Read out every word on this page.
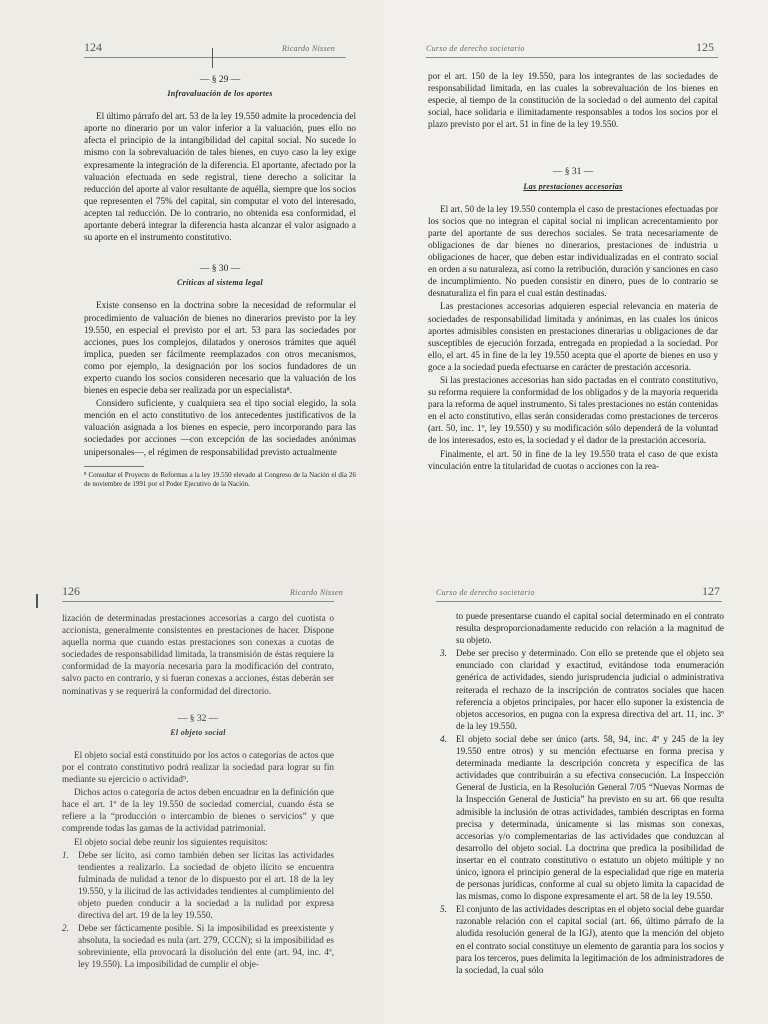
124	Ricardo Nissen
— § 29 —
Infravaluación de los aportes

El último párrafo del art. 53 de la ley 19.550 admite la procedencia del aporte no dinerario por un valor inferior a la valuación, pues ello no afecta el principio de la intangibilidad del capital social. No sucede lo mismo con la sobrevaluación de tales bienes, en cuyo caso la ley exige expresamente la integración de la diferencia. El aportante, afectado por la valuación efectuada en sede registral, tiene derecho a solicitar la reducción del aporte al valor resultante de aquélla, siempre que los socios que representen el 75% del capital, sin computar el voto del interesado, acepten tal reducción. De lo contrario, no obtenida esa conformidad, el aportante deberá integrar la diferencia hasta alcanzar el valor asignado a su aporte en el instrumento constitutivo.

— § 30 —
Críticas al sistema legal

Existe consenso en la doctrina sobre la necesidad de reformular el procedimiento de valuación de bienes no dinerarios previsto por la ley 19.550, en especial el previsto por el art. 53 para las sociedades por acciones, pues los complejos, dilatados y onerosos trámites que aquél implica, pueden ser fácilmente reemplazados con otros mecanismos, como por ejemplo, la designación por los socios fundadores de un experto cuando los socios consideren necesario que la valuación de los bienes en especie deba ser realizada por un especialista⁸.

Considero suficiente, y cualquiera sea el tipo social elegido, la sola mención en el acto constitutivo de los antecedentes justificativos de la valuación asignada a los bienes en especie, pero incorporando para las sociedades por acciones —con excepción de las sociedades anónimas unipersonales—, el régimen de responsabilidad previsto actualmente

⁸ Consultar el Proyecto de Reformas a la ley 19.550 elevado al Congreso de la Nación el día 26 de noviembre de 1991 por el Poder Ejecutivo de la Nación.
Curso de derecho societario	125

por el art. 150 de la ley 19.550, para los integrantes de las sociedades de responsabilidad limitada, en las cuales la sobrevaluación de los bienes en especie, al tiempo de la constitución de la sociedad o del aumento del capital social, hace solidaria e ilimitadamente responsables a todos los socios por el plazo previsto por el art. 51 in fine de la ley 19.550.

— § 31 —
Las prestaciones accesorias

El art. 50 de la ley 19.550 contempla el caso de prestaciones efectuadas por los socios que no integran el capital social ni implican acrecentamiento por parte del aportante de sus derechos sociales. Se trata necesariamente de obligaciones de dar bienes no dinerarios, prestaciones de industria u obligaciones de hacer, que deben estar individualizadas en el contrato social en orden a su naturaleza, así como la retribución, duración y sanciones en caso de incumplimiento. No pueden consistir en dinero, pues de lo contrario se desnaturaliza el fin para el cual están destinadas.

Las prestaciones accesorias adquieren especial relevancia en materia de sociedades de responsabilidad limitada y anónimas, en las cuales los únicos aportes admisibles consisten en prestaciones dinerarias u obligaciones de dar susceptibles de ejecución forzada, entregada en propiedad a la sociedad. Por ello, el art. 45 in fine de la ley 19.550 acepta que el aporte de bienes en uso y goce a la sociedad pueda efectuarse en carácter de prestación accesoria.

Si las prestaciones accesorias han sido pactadas en el contrato constitutivo, su reforma requiere la conformidad de los obligados y de la mayoría requerida para la reforma de aquel instrumento. Si tales prestaciones no están contenidas en el acto constitutivo, ellas serán consideradas como prestaciones de terceros (art. 50, inc. 1º, ley 19.550) y su modificación sólo dependerá de la voluntad de los interesados, esto es, la sociedad y el dador de la prestación accesoria.

Finalmente, el art. 50 in fine de la ley 19.550 trata el caso de que exista vinculación entre la titularidad de cuotas o acciones con la rea-

126	Ricardo Nissen

lización de determinadas prestaciones accesorias a cargo del cuotista o accionista, generalmente consistentes en prestaciones de hacer. Dispone aquella norma que cuando estas prestaciones son conexas a cuotas de sociedades de responsabilidad limitada, la transmisión de éstas requiere la conformidad de la mayoría necesaria para la modificación del contrato, salvo pacto en contrario, y si fueran conexas a acciones, éstas deberán ser nominativas y se requerirá la conformidad del directorio.

— § 32 —
El objeto social

El objeto social está constituido por los actos o categorías de actos que por el contrato constitutivo podrá realizar la sociedad para lograr su fin mediante su ejercicio o actividad⁹.

Dichos actos o categoría de actos deben encuadrar en la definición que hace el art. 1º de la ley 19.550 de sociedad comercial, cuando ésta se refiere a la “producción o intercambio de bienes o servicios” y que comprende todas las gamas de la actividad patrimonial.

El objeto social debe reunir los siguientes requisitos:

1. Debe ser lícito, así como también deben ser lícitas las actividades tendientes a realizarlo. La sociedad de objeto ilícito se encuentra fulminada de nulidad a tenor de lo dispuesto por el art. 18 de la ley 19.550, y la ilicitud de las actividades tendientes al cumplimiento del objeto pueden conducir a la sociedad a la nulidad por expresa directiva del art. 19 de la ley 19.550.
2. Debe ser fácticamente posible. Si la imposibilidad es preexistente y absoluta, la sociedad es nula (art. 279, CCCN); si la imposibilidad es sobreviniente, ella provocará la disolución del ente (art. 94, inc. 4º, ley 19.550). La imposibilidad de cumplir el obje-
Curso de derecho societario	127

to puede presentarse cuando el capital social determinado en el contrato resulta desproporcionadamente reducido con relación a la magnitud de su objeto.

3. Debe ser preciso y determinado. Con ello se pretende que el objeto sea enunciado con claridad y exactitud, evitándose toda enumeración genérica de actividades, siendo jurisprudencia judicial o administrativa reiterada el rechazo de la inscripción de contratos sociales que hacen referencia a objetos principales, por hacer ello suponer la existencia de objetos accesorios, en pugna con la expresa directiva del art. 11, inc. 3º de la ley 19.550.
4. El objeto social debe ser único (arts. 58, 94, inc. 4º y 245 de la ley 19.550 entre otros) y su mención efectuarse en forma precisa y determinada mediante la descripción concreta y específica de las actividades que contribuirán a su efectiva consecución. La Inspección General de Justicia, en la Resolución General 7/05 “Nuevas Normas de la Inspección General de Justicia” ha previsto en su art. 66 que resulta admisible la inclusión de otras actividades, también descriptas en forma precisa y determinada, únicamente si las mismas son conexas, accesorias y/o complementarias de las actividades que conduzcan al desarrollo del objeto social. La doctrina que predica la posibilidad de insertar en el contrato constitutivo o estatuto un objeto múltiple y no único, ignora el principio general de la especialidad que rige en materia de personas jurídicas, conforme al cual su objeto limita la capacidad de las mismas, como lo dispone expresamente el art. 58 de la ley 19.550.
5. El conjunto de las actividades descriptas en el objeto social debe guardar razonable relación con el capital social (art. 66, último párrafo de la aludida resolución general de la IGJ), atento que la mención del objeto en el contrato social constituye un elemento de garantía para los socios y para los terceros, pues delimita la legitimación de los administradores de la sociedad, la cual sólo
